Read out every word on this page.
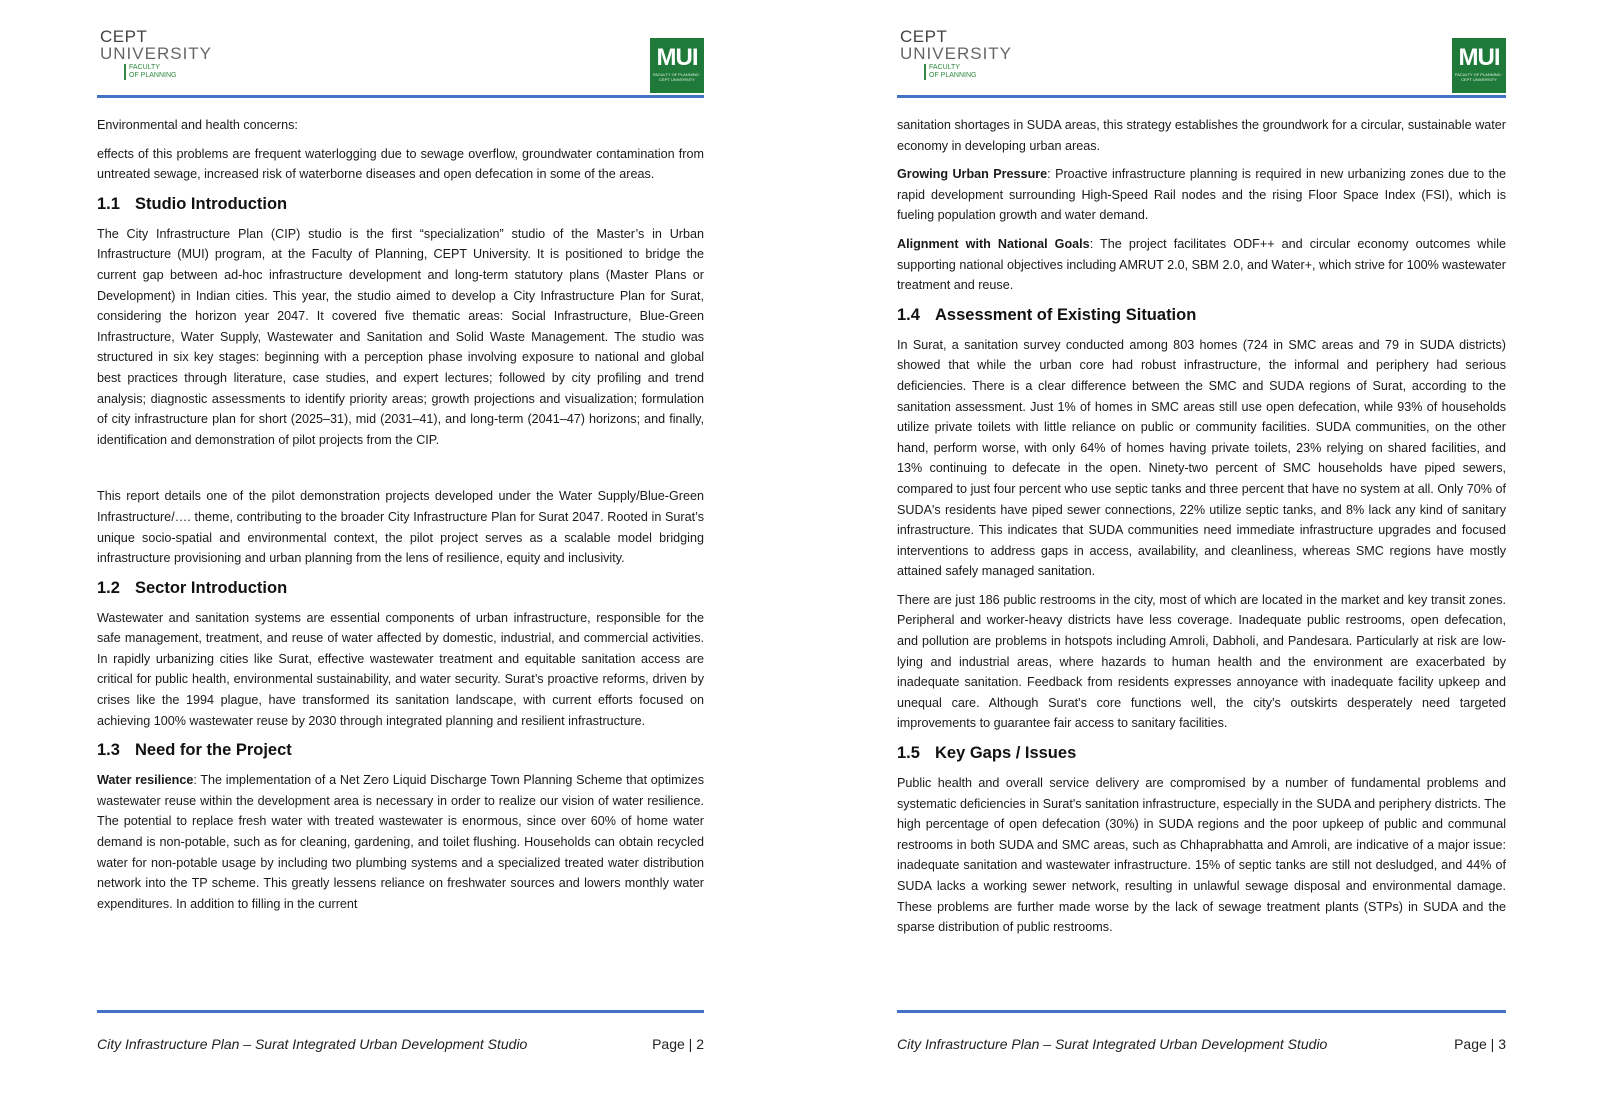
CEPT
UNIVERSITY
FACULTY
OF PLANNING
MUI
FACULTY OF PLANNING · CEPT UNIVERSITY

Environmental and health concerns:

effects of this problems are frequent waterlogging due to sewage overflow, groundwater contamination from untreated sewage, increased risk of waterborne diseases and open defecation in some of the areas.

1.1 Studio Introduction

The City Infrastructure Plan (CIP) studio is the first “specialization” studio of the Master’s in Urban Infrastructure (MUI) program, at the Faculty of Planning, CEPT University. It is positioned to bridge the current gap between ad-hoc infrastructure development and long-term statutory plans (Master Plans or Development) in Indian cities. This year, the studio aimed to develop a City Infrastructure Plan for Surat, considering the horizon year 2047. It covered five thematic areas: Social Infrastructure, Blue-Green Infrastructure, Water Supply, Wastewater and Sanitation and Solid Waste Management. The studio was structured in six key stages: beginning with a perception phase involving exposure to national and global best practices through literature, case studies, and expert lectures; followed by city profiling and trend analysis; diagnostic assessments to identify priority areas; growth projections and visualization; formulation of city infrastructure plan for short (2025–31), mid (2031–41), and long-term (2041–47) horizons; and finally, identification and demonstration of pilot projects from the CIP.

This report details one of the pilot demonstration projects developed under the Water Supply/Blue-Green Infrastructure/…. theme, contributing to the broader City Infrastructure Plan for Surat 2047. Rooted in Surat’s unique socio-spatial and environmental context, the pilot project serves as a scalable model bridging infrastructure provisioning and urban planning from the lens of resilience, equity and inclusivity.

1.2 Sector Introduction

Wastewater and sanitation systems are essential components of urban infrastructure, responsible for the safe management, treatment, and reuse of water affected by domestic, industrial, and commercial activities. In rapidly urbanizing cities like Surat, effective wastewater treatment and equitable sanitation access are critical for public health, environmental sustainability, and water security. Surat’s proactive reforms, driven by crises like the 1994 plague, have transformed its sanitation landscape, with current efforts focused on achieving 100% wastewater reuse by 2030 through integrated planning and resilient infrastructure.

1.3 Need for the Project

Water resilience: The implementation of a Net Zero Liquid Discharge Town Planning Scheme that optimizes wastewater reuse within the development area is necessary in order to realize our vision of water resilience. The potential to replace fresh water with treated wastewater is enormous, since over 60% of home water demand is non-potable, such as for cleaning, gardening, and toilet flushing. Households can obtain recycled water for non-potable usage by including two plumbing systems and a specialized treated water distribution network into the TP scheme. This greatly lessens reliance on freshwater sources and lowers monthly water expenditures. In addition to filling in the current

City Infrastructure Plan – Surat Integrated Urban Development Studio	Page | 2
CEPT
UNIVERSITY
FACULTY
OF PLANNING
MUI
FACULTY OF PLANNING · CEPT UNIVERSITY

sanitation shortages in SUDA areas, this strategy establishes the groundwork for a circular, sustainable water economy in developing urban areas.

Growing Urban Pressure: Proactive infrastructure planning is required in new urbanizing zones due to the rapid development surrounding High-Speed Rail nodes and the rising Floor Space Index (FSI), which is fueling population growth and water demand.

Alignment with National Goals: The project facilitates ODF++ and circular economy outcomes while supporting national objectives including AMRUT 2.0, SBM 2.0, and Water+, which strive for 100% wastewater treatment and reuse.

1.4 Assessment of Existing Situation

In Surat, a sanitation survey conducted among 803 homes (724 in SMC areas and 79 in SUDA districts) showed that while the urban core had robust infrastructure, the informal and periphery had serious deficiencies. There is a clear difference between the SMC and SUDA regions of Surat, according to the sanitation assessment. Just 1% of homes in SMC areas still use open defecation, while 93% of households utilize private toilets with little reliance on public or community facilities. SUDA communities, on the other hand, perform worse, with only 64% of homes having private toilets, 23% relying on shared facilities, and 13% continuing to defecate in the open. Ninety-two percent of SMC households have piped sewers, compared to just four percent who use septic tanks and three percent that have no system at all. Only 70% of SUDA's residents have piped sewer connections, 22% utilize septic tanks, and 8% lack any kind of sanitary infrastructure. This indicates that SUDA communities need immediate infrastructure upgrades and focused interventions to address gaps in access, availability, and cleanliness, whereas SMC regions have mostly attained safely managed sanitation.

There are just 186 public restrooms in the city, most of which are located in the market and key transit zones. Peripheral and worker-heavy districts have less coverage. Inadequate public restrooms, open defecation, and pollution are problems in hotspots including Amroli, Dabholi, and Pandesara. Particularly at risk are low-lying and industrial areas, where hazards to human health and the environment are exacerbated by inadequate sanitation. Feedback from residents expresses annoyance with inadequate facility upkeep and unequal care. Although Surat's core functions well, the city's outskirts desperately need targeted improvements to guarantee fair access to sanitary facilities.

1.5 Key Gaps / Issues

Public health and overall service delivery are compromised by a number of fundamental problems and systematic deficiencies in Surat's sanitation infrastructure, especially in the SUDA and periphery districts. The high percentage of open defecation (30%) in SUDA regions and the poor upkeep of public and communal restrooms in both SUDA and SMC areas, such as Chhaprabhatta and Amroli, are indicative of a major issue: inadequate sanitation and wastewater infrastructure. 15% of septic tanks are still not desludged, and 44% of SUDA lacks a working sewer network, resulting in unlawful sewage disposal and environmental damage. These problems are further made worse by the lack of sewage treatment plants (STPs) in SUDA and the sparse distribution of public restrooms.

City Infrastructure Plan – Surat Integrated Urban Development Studio	Page | 3
